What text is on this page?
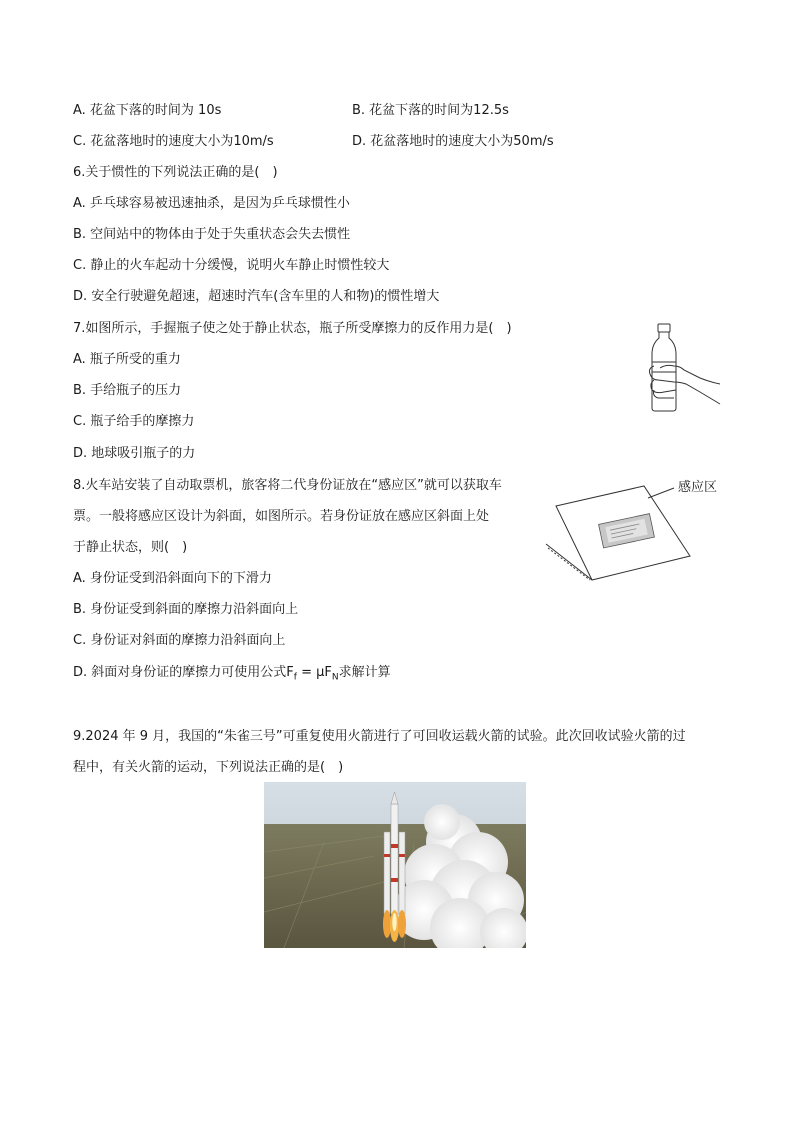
A. 花盆下落的时间为 10s	B. 花盆下落的时间为12.5s
C. 花盆落地时的速度大小为10m/s	D. 花盆落地时的速度大小为50m/s
6.关于惯性的下列说法正确的是(　)
A. 乒乓球容易被迅速抽杀，是因为乒乓球惯性小
B. 空间站中的物体由于处于失重状态会失去惯性
C. 静止的火车起动十分缓慢，说明火车静止时惯性较大
D. 安全行驶避免超速，超速时汽车(含车里的人和物)的惯性增大
7.如图所示，手握瓶子使之处于静止状态，瓶子所受摩擦力的反作用力是(　)
A. 瓶子所受的重力
B. 手给瓶子的压力
C. 瓶子给手的摩擦力
D. 地球吸引瓶子的力
8.火车站安装了自动取票机，旅客将二代身份证放在“感应区”就可以获取车
票。一般将感应区设计为斜面，如图所示。若身份证放在感应区斜面上处
于静止状态，则(　)
A. 身份证受到沿斜面向下的下滑力
B. 身份证受到斜面的摩擦力沿斜面向上
C. 身份证对斜面的摩擦力沿斜面向上
D. 斜面对身份证的摩擦力可使用公式$F_f = \mu F_N$求解计算
感应区
9.2024 年 9 月，我国的“朱雀三号”可重复使用火箭进行了可回收运载火箭的试验。此次回收试验火箭的过
程中，有关火箭的运动，下列说法正确的是(　)
